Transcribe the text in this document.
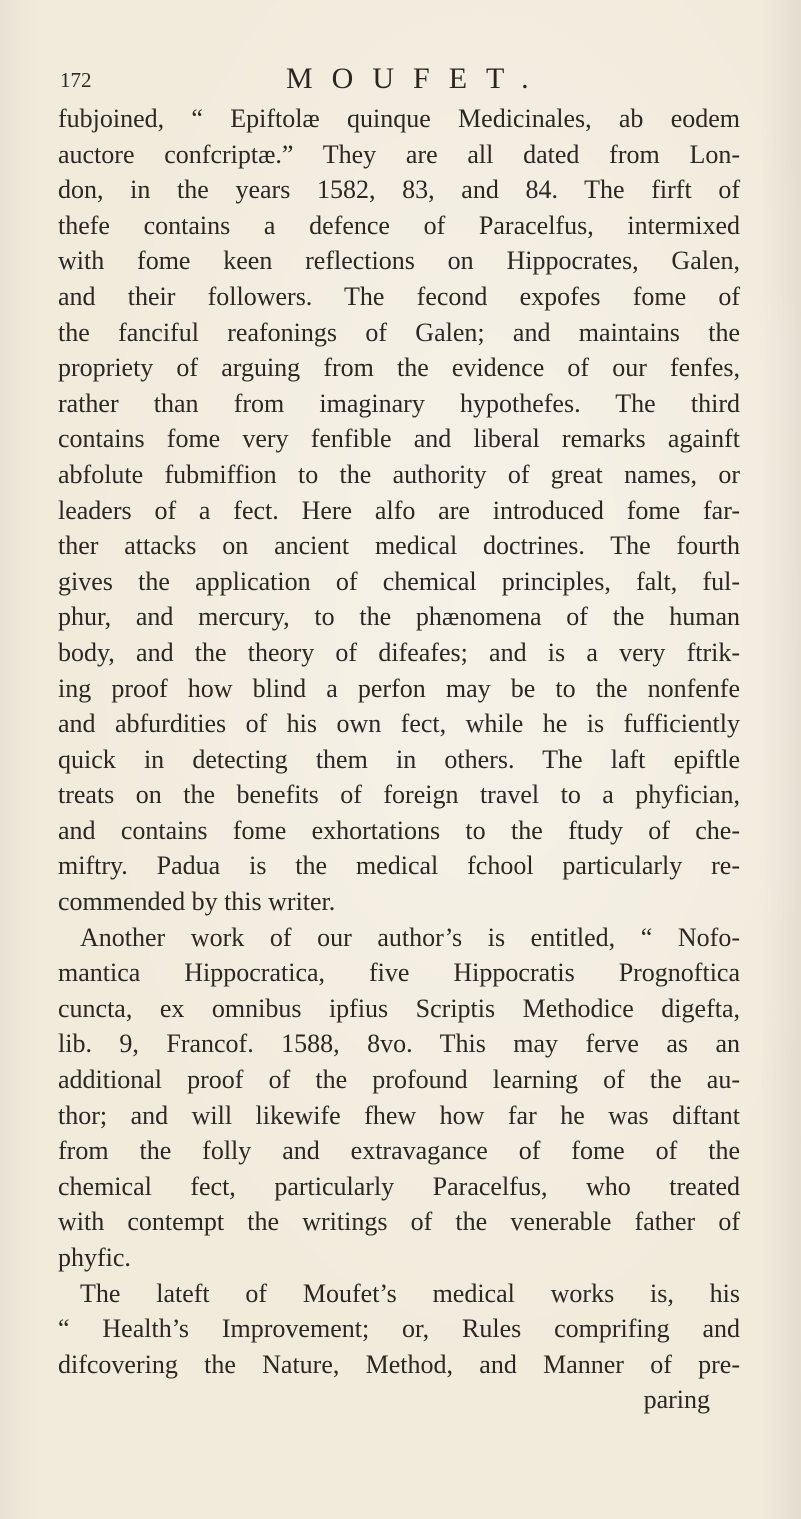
172	MOUFET.
fubjoined, “ Epiftolæ quinque Medicinales, ab eodem
auctore confcriptæ.” They are all dated from Lon-
don, in the years 1582, 83, and 84. The firft of
thefe contains a defence of Paracelfus, intermixed
with fome keen reflections on Hippocrates, Galen,
and their followers. The fecond expofes fome of
the fanciful reafonings of Galen; and maintains the
propriety of arguing from the evidence of our fenfes,
rather than from imaginary hypothefes. The third
contains fome very fenfible and liberal remarks againft
abfolute fubmiffion to the authority of great names, or
leaders of a fect. Here alfo are introduced fome far-
ther attacks on ancient medical doctrines. The fourth
gives the application of chemical principles, falt, ful-
phur, and mercury, to the phænomena of the human
body, and the theory of difeafes; and is a very ftrik-
ing proof how blind a perfon may be to the nonfenfe
and abfurdities of his own fect, while he is fufficiently
quick in detecting them in others. The laft epiftle
treats on the benefits of foreign travel to a phyfician,
and contains fome exhortations to the ftudy of che-
miftry. Padua is the medical fchool particularly re-
commended by this writer.
Another work of our author’s is entitled, “ Nofo-
mantica Hippocratica, five Hippocratis Prognoftica
cuncta, ex omnibus ipfius Scriptis Methodice digefta,
lib. 9, Francof. 1588, 8vo. This may ferve as an
additional proof of the profound learning of the au-
thor; and will likewife fhew how far he was diftant
from the folly and extravagance of fome of the
chemical fect, particularly Paracelfus, who treated
with contempt the writings of the venerable father of
phyfic.
The lateft of Moufet’s medical works is, his
“ Health’s Improvement; or, Rules comprifing and
difcovering the Nature, Method, and Manner of pre-
paring
